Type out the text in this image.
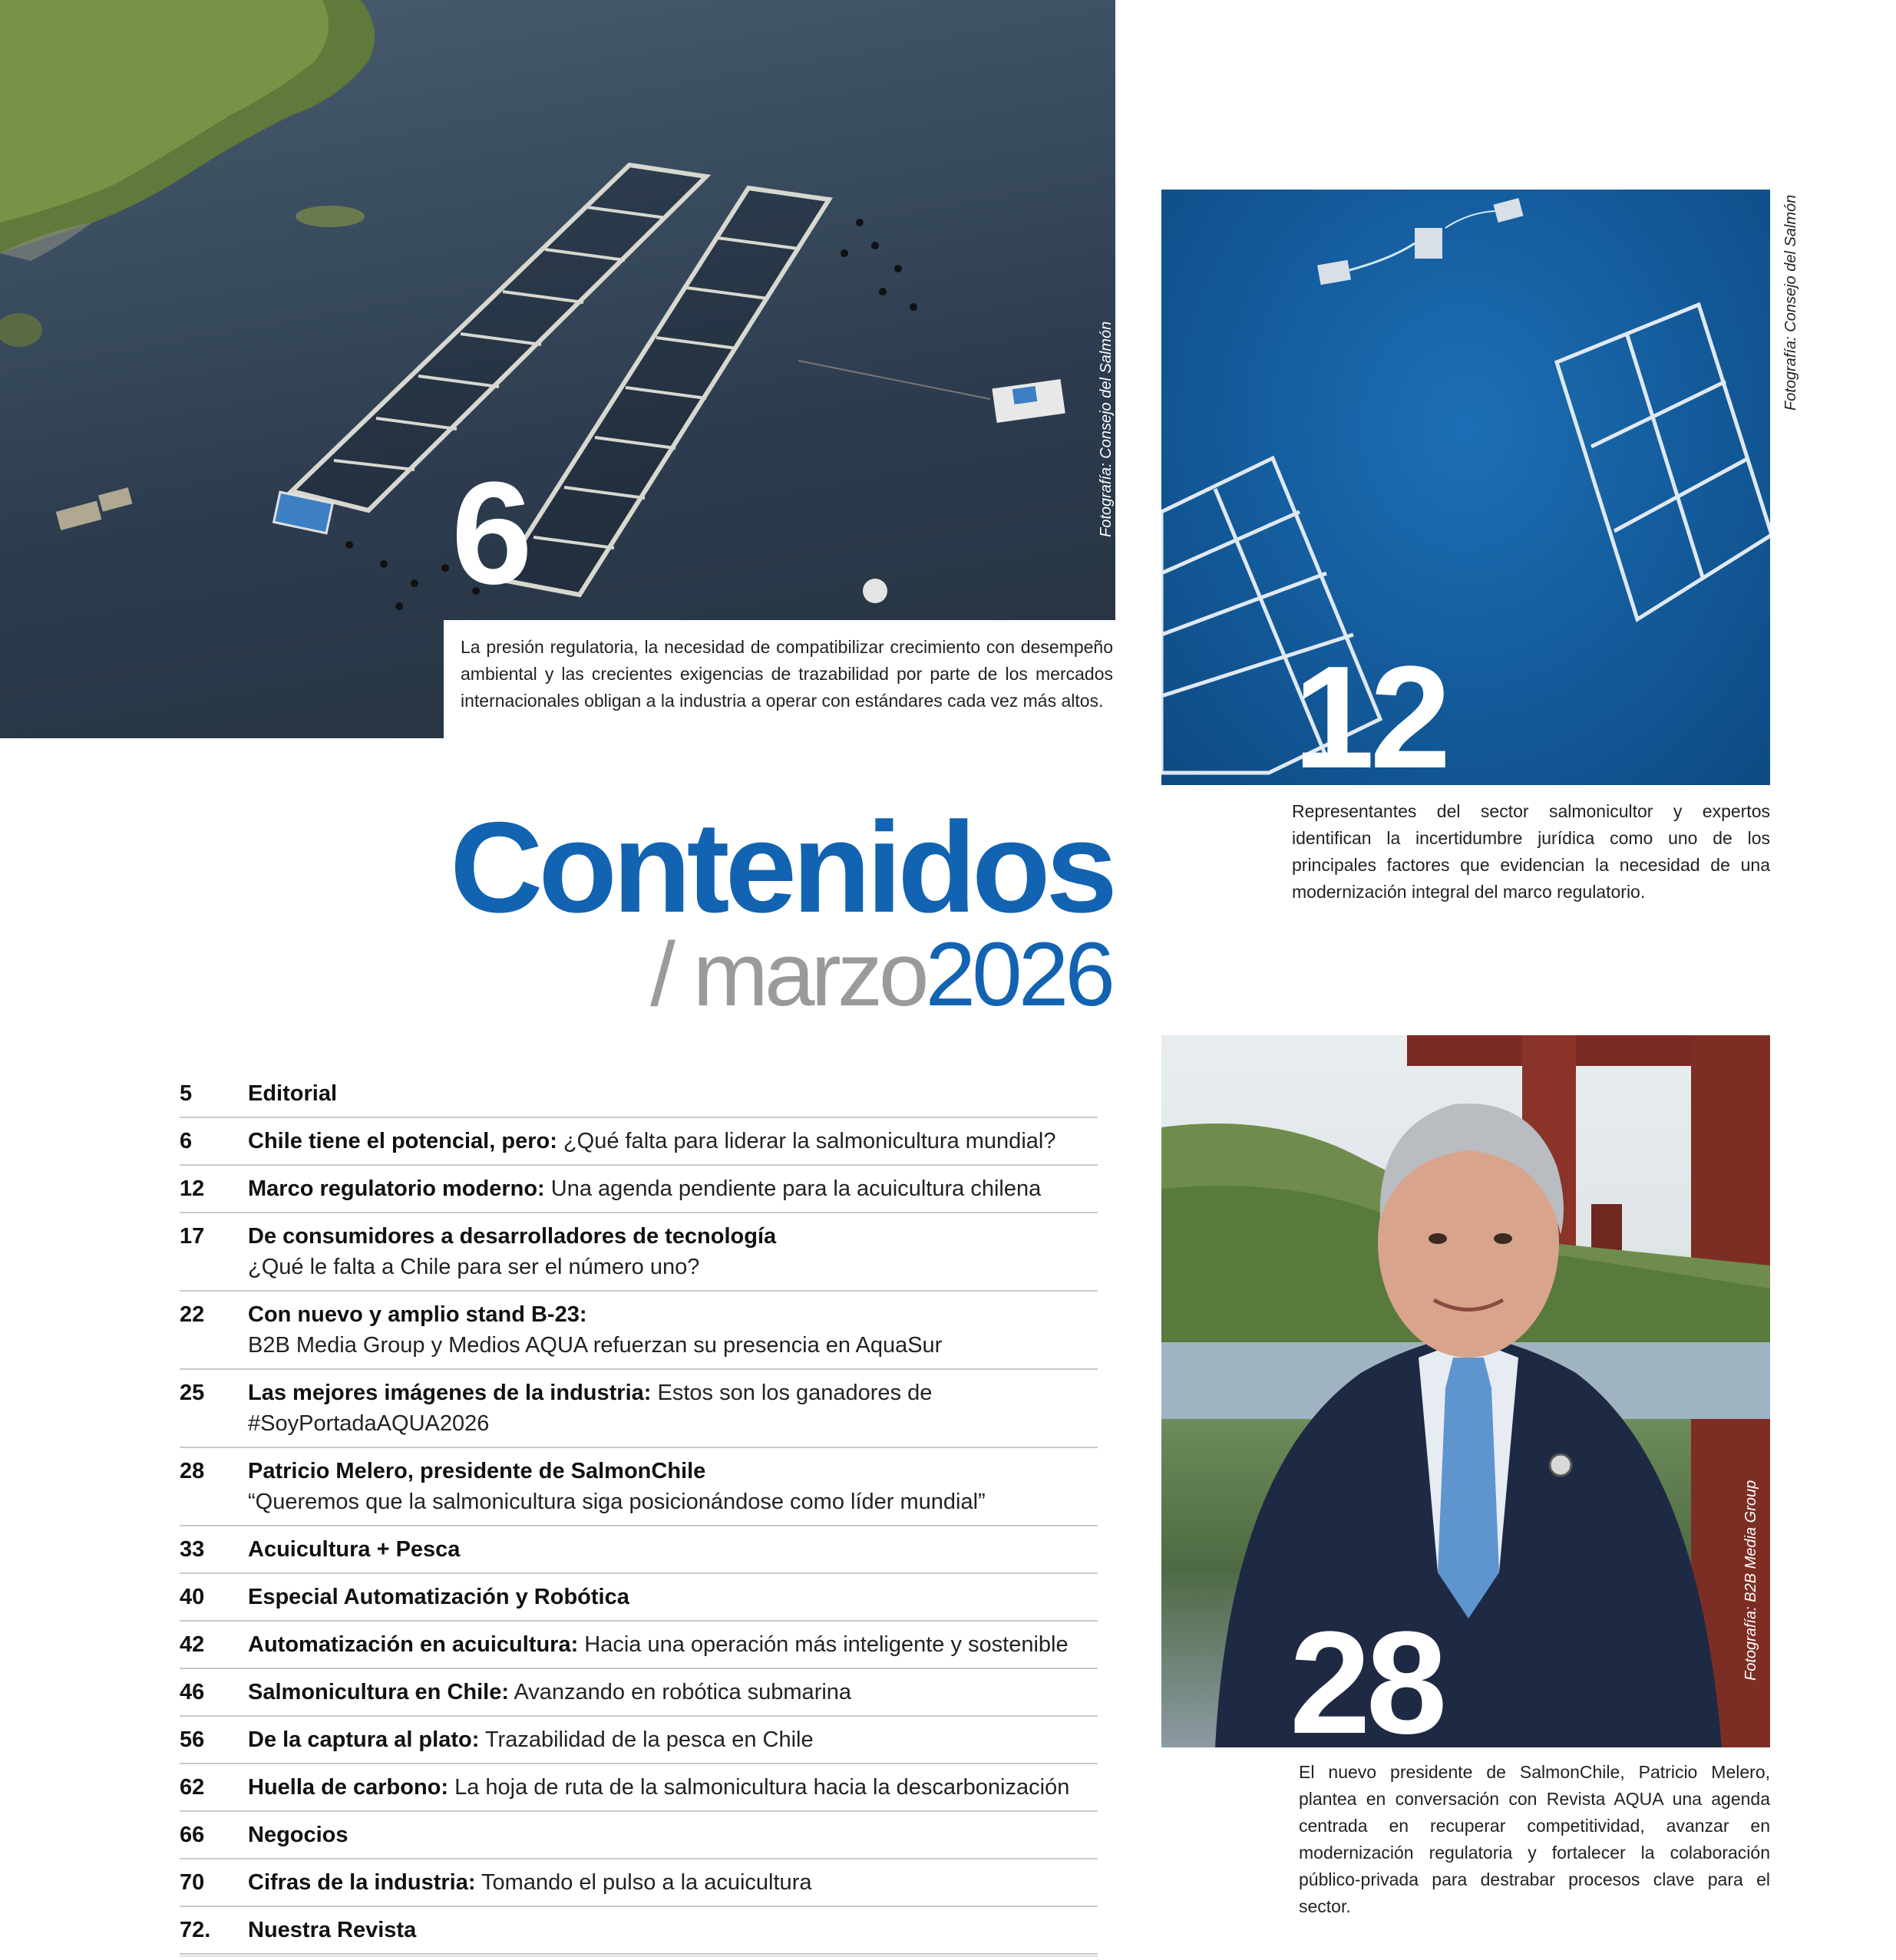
6	Fotografía: Consejo del Salmón
La presión regulatoria, la necesidad de compatibilizar crecimiento con desempeño ambiental y las crecientes exigencias de trazabilidad por parte de los mercados internacionales obligan a la industria a operar con estándares cada vez más altos. 12
Fotografía: Consejo del Salmón
Representantes del sector salmonicultor y expertos identifican la incertidumbre jurídica como uno de los principales factores que evidencian la necesidad de una modernización integral del marco regulatorio.
Contenidos
/ marzo2026
5	Editorial
6	Chile tiene el potencial, pero: ¿Qué falta para liderar la salmonicultura mundial?
12	Marco regulatorio moderno: Una agenda pendiente para la acuicultura chilena
17	De consumidores a desarrolladores de tecnología
¿Qué le falta a Chile para ser el número uno?
22	Con nuevo y amplio stand B-23:
B2B Media Group y Medios AQUA refuerzan su presencia en AquaSur
25	Las mejores imágenes de la industria: Estos son los ganadores de #SoyPortadaAQUA2026
28	Patricio Melero, presidente de SalmonChile
“Queremos que la salmonicultura siga posicionándose como líder mundial”
33	Acuicultura + Pesca
40	Especial Automatización y Robótica
42	Automatización en acuicultura: Hacia una operación más inteligente y sostenible
46	Salmonicultura en Chile: Avanzando en robótica submarina
56	De la captura al plato: Trazabilidad de la pesca en Chile
62	Huella de carbono: La hoja de ruta de la salmonicultura hacia la descarbonización
66	Negocios
70	Cifras de la industria: Tomando el pulso a la acuicultura
72.	Nuestra Revista
28
Fotografía: B2B Media Group
El nuevo presidente de SalmonChile, Patricio Melero, plantea en conversación con Revista AQUA una agenda centrada en recuperar competitividad, avanzar en modernización regulatoria y fortalecer la colaboración público-privada para destrabar procesos clave para el sector.
